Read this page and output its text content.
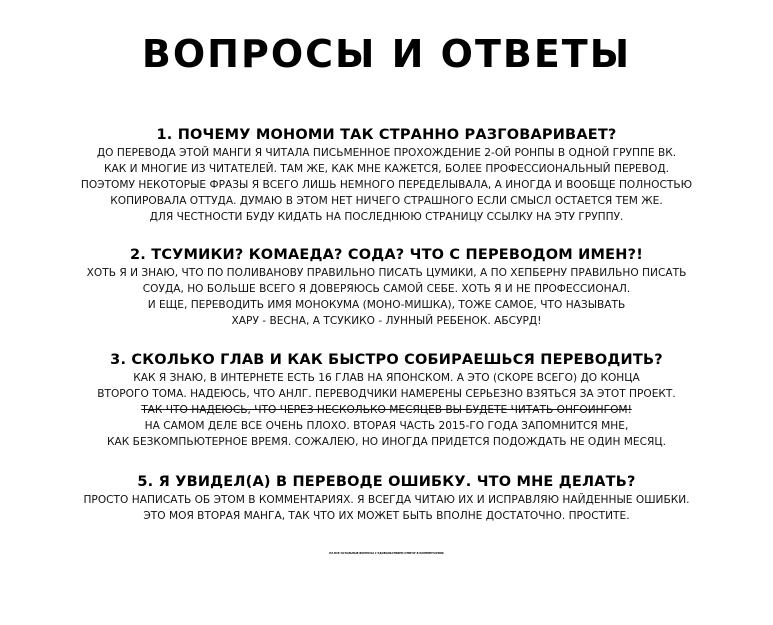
ВОПРОСЫ И ОТВЕТЫ
1. ПОЧЕМУ МОНОМИ ТАК СТРАННО РАЗГОВАРИВАЕТ?
ДО ПЕРЕВОДА ЭТОЙ МАНГИ Я ЧИТАЛА ПИСЬМЕННОЕ ПРОХОЖДЕНИЕ 2-ОЙ РОНПЫ В ОДНОЙ ГРУППЕ ВК.
КАК И МНОГИЕ ИЗ ЧИТАТЕЛЕЙ. ТАМ ЖЕ, КАК МНЕ КАЖЕТСЯ, БОЛЕЕ ПРОФЕССИОНАЛЬНЫЙ ПЕРЕВОД.
ПОЭТОМУ НЕКОТОРЫЕ ФРАЗЫ Я ВСЕГО ЛИШЬ НЕМНОГО ПЕРЕДЕЛЫВАЛА, А ИНОГДА И ВООБЩЕ ПОЛНОСТЬЮ
КОПИРОВАЛА ОТТУДА. ДУМАЮ В ЭТОМ НЕТ НИЧЕГО СТРАШНОГО ЕСЛИ СМЫСЛ ОСТАЕТСЯ ТЕМ ЖЕ.
ДЛЯ ЧЕСТНОСТИ БУДУ КИДАТЬ НА ПОСЛЕДНЮЮ СТРАНИЦУ ССЫЛКУ НА ЭТУ ГРУППУ.
2. ТСУМИКИ? КОМАЕДА? СОДА? ЧТО С ПЕРЕВОДОМ ИМЕН?!
ХОТЬ Я И ЗНАЮ, ЧТО ПО ПОЛИВАНОВУ ПРАВИЛЬНО ПИСАТЬ ЦУМИКИ, А ПО ХЕПБЕРНУ ПРАВИЛЬНО ПИСАТЬ
СОУДА, НО БОЛЬШЕ ВСЕГО Я ДОВЕРЯЮСЬ САМОЙ СЕБЕ. ХОТЬ Я И НЕ ПРОФЕССИОНАЛ.
И ЕЩЕ, ПЕРЕВОДИТЬ ИМЯ МОНОКУМА (МОНО-МИШКА), ТОЖЕ САМОЕ, ЧТО НАЗЫВАТЬ
ХАРУ - ВЕСНА, А ТСУКИКО - ЛУННЫЙ РЕБЕНОК. АБСУРД!
3. СКОЛЬКО ГЛАВ И КАК БЫСТРО СОБИРАЕШЬСЯ ПЕРЕВОДИТЬ?
КАК Я ЗНАЮ, В ИНТЕРНЕТЕ ЕСТЬ 16 ГЛАВ НА ЯПОНСКОМ. А ЭТО (СКОРЕ ВСЕГО) ДО КОНЦА
ВТОРОГО ТОМА. НАДЕЮСЬ, ЧТО АНЛГ. ПЕРЕВОДЧИКИ НАМЕРЕНЫ СЕРЬЕЗНО ВЗЯТЬСЯ ЗА ЭТОТ ПРОЕКТ.
ТАК ЧТО НАДЕЮСЬ, ЧТО ЧЕРЕЗ НЕСКОЛЬКО МЕСЯЦЕВ ВЫ БУДЕТЕ ЧИТАТЬ ОНГОИНГОМ!
НА САМОМ ДЕЛЕ ВСЕ ОЧЕНЬ ПЛОХО. ВТОРАЯ ЧАСТЬ 2015-ГО ГОДА ЗАПОМНИТСЯ МНЕ,
КАК БЕЗКОМПЬЮТЕРНОЕ ВРЕМЯ. СОЖАЛЕЮ, НО ИНОГДА ПРИДЕТСЯ ПОДОЖДАТЬ НЕ ОДИН МЕСЯЦ.
5. Я УВИДЕЛ(А) В ПЕРЕВОДЕ ОШИБКУ. ЧТО МНЕ ДЕЛАТЬ?
ПРОСТО НАПИСАТЬ ОБ ЭТОМ В КОММЕНТАРИЯХ. Я ВСЕГДА ЧИТАЮ ИХ И ИСПРАВЛЯЮ НАЙДЕННЫЕ ОШИБКИ.
ЭТО МОЯ ВТОРАЯ МАНГА, ТАК ЧТО ИХ МОЖЕТ БЫТЬ ВПОЛНЕ ДОСТАТОЧНО. ПРОСТИТЕ.
НА ВСЕ ОСТАЛЬНЫЕ ВОПРОСЫ С УДОВОЛЬСТВИЕМ ОТВЕЧУ В КОММЕНТАРИЯХ
